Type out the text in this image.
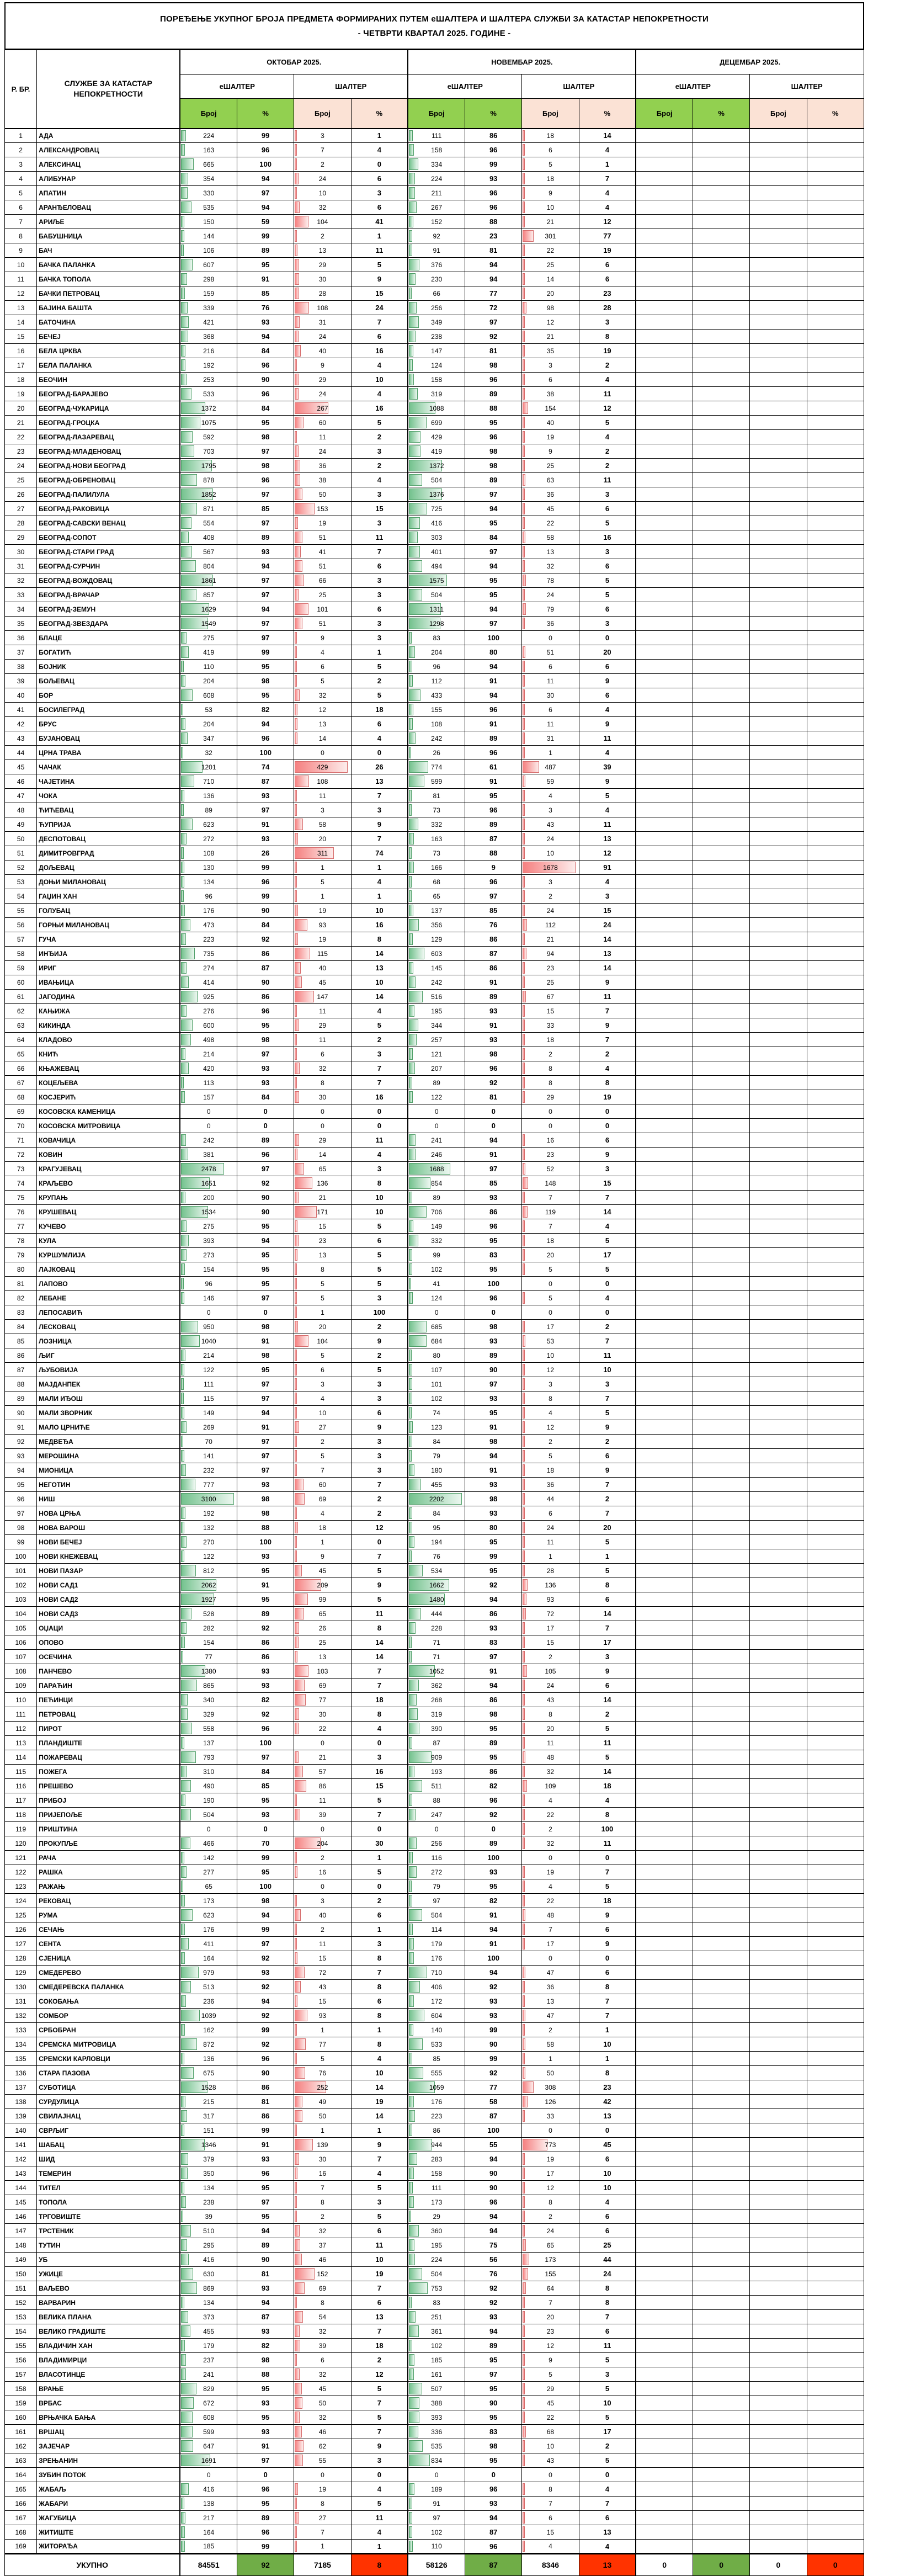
ПОРЕЂЕЊЕ УКУПНОГ БРОЈА ПРЕДМЕТА ФОРМИРАНИХ ПУТЕМ еШАЛТЕРА И ШАЛТЕРА СЛУЖБИ ЗА КАТАСТАР НЕПОКРЕТНОСТИ
- ЧЕТВРТИ КВАРТАЛ 2025. ГОДИНЕ -
Р. БР.	СЛУЖБЕ ЗА КАТАСТАР НЕПОКРЕТНОСТИ	ОКТОБАР 2025.				НОВЕМБАР 2025.				ДЕЦЕМБАР 2025.			
		еШАЛТЕР		ШАЛТЕР		еШАЛТЕР		ШАЛТЕР		еШАЛТЕР		ШАЛТЕР	
		Број	%	Број	%	Број	%	Број	%	Број	%	Број	%
1	АДА	224	99	3	1	111	86	18	14				
2	АЛЕКСАНДРОВАЦ	163	96	7	4	158	96	6	4				
3	АЛЕКСИНАЦ	665	100	2	0	334	99	5	1				
4	АЛИБУНАР	354	94	24	6	224	93	18	7				
5	АПАТИН	330	97	10	3	211	96	9	4				
6	АРАНЂЕЛОВАЦ	535	94	32	6	267	96	10	4				
7	АРИЉЕ	150	59	104	41	152	88	21	12				
8	БАБУШНИЦА	144	99	2	1	92	23	301	77				
9	БАЧ	106	89	13	11	91	81	22	19				
10	БАЧКА ПАЛАНКА	607	95	29	5	376	94	25	6				
11	БАЧКА ТОПОЛА	298	91	30	9	230	94	14	6				
12	БАЧКИ ПЕТРОВАЦ	159	85	28	15	66	77	20	23				
13	БАЈИНА БАШТА	339	76	108	24	256	72	98	28				
14	БАТОЧИНА	421	93	31	7	349	97	12	3				
15	БЕЧЕЈ	368	94	24	6	238	92	21	8				
16	БЕЛА ЦРКВА	216	84	40	16	147	81	35	19				
17	БЕЛА ПАЛАНКА	192	96	9	4	124	98	3	2				
18	БЕОЧИН	253	90	29	10	158	96	6	4				
19	БЕОГРАД-БАРАЈЕВО	533	96	24	4	319	89	38	11				
20	БЕОГРАД-ЧУКАРИЦА	1372	84	267	16	1088	88	154	12				
21	БЕОГРАД-ГРОЦКА	1075	95	60	5	699	95	40	5				
22	БЕОГРАД-ЛАЗАРЕВАЦ	592	98	11	2	429	96	19	4				
23	БЕОГРАД-МЛАДЕНОВАЦ	703	97	24	3	419	98	9	2				
24	БЕОГРАД-НОВИ БЕОГРАД	1795	98	36	2	1372	98	25	2				
25	БЕОГРАД-ОБРЕНОВАЦ	878	96	38	4	504	89	63	11				
26	БЕОГРАД-ПАЛИЛУЛА	1852	97	50	3	1376	97	36	3				
27	БЕОГРАД-РАКОВИЦА	871	85	153	15	725	94	45	6				
28	БЕОГРАД-САВСКИ ВЕНАЦ	554	97	19	3	416	95	22	5				
29	БЕОГРАД-СОПОТ	408	89	51	11	303	84	58	16				
30	БЕОГРАД-СТАРИ ГРАД	567	93	41	7	401	97	13	3				
31	БЕОГРАД-СУРЧИН	804	94	51	6	494	94	32	6				
32	БЕОГРАД-ВОЖДОВАЦ	1861	97	66	3	1575	95	78	5				
33	БЕОГРАД-ВРАЧАР	857	97	25	3	504	95	24	5				
34	БЕОГРАД-ЗЕМУН	1629	94	101	6	1311	94	79	6				
35	БЕОГРАД-ЗВЕЗДАРА	1549	97	51	3	1298	97	36	3				
36	БЛАЦЕ	275	97	9	3	83	100	0	0				
37	БОГАТИЋ	419	99	4	1	204	80	51	20				
38	БОЈНИК	110	95	6	5	96	94	6	6				
39	БОЉЕВАЦ	204	98	5	2	112	91	11	9				
40	БОР	608	95	32	5	433	94	30	6				
41	БОСИЛЕГРАД	53	82	12	18	155	96	6	4				
42	БРУС	204	94	13	6	108	91	11	9				
43	БУЈАНОВАЦ	347	96	14	4	242	89	31	11				
44	ЦРНА ТРАВА	32	100	0	0	26	96	1	4				
45	ЧАЧАК	1201	74	429	26	774	61	487	39				
46	ЧАЈЕТИНА	710	87	108	13	599	91	59	9				
47	ЧОКА	136	93	11	7	81	95	4	5				
48	ЋИЋЕВАЦ	89	97	3	3	73	96	3	4				
49	ЋУПРИЈА	623	91	58	9	332	89	43	11				
50	ДЕСПОТОВАЦ	272	93	20	7	163	87	24	13				
51	ДИМИТРОВГРАД	108	26	311	74	73	88	10	12				
52	ДОЉЕВАЦ	130	99	1	1	166	9	1678	91				
53	ДОЊИ МИЛАНОВАЦ	134	96	5	4	68	96	3	4				
54	ГАЏИН ХАН	96	99	1	1	65	97	2	3				
55	ГОЛУБАЦ	176	90	19	10	137	85	24	15				
56	ГОРЊИ МИЛАНОВАЦ	473	84	93	16	356	76	112	24				
57	ГУЧА	223	92	19	8	129	86	21	14				
58	ИНЂИЈА	735	86	115	14	603	87	94	13				
59	ИРИГ	274	87	40	13	145	86	23	14				
60	ИВАЊИЦА	414	90	45	10	242	91	25	9				
61	ЈАГОДИНА	925	86	147	14	516	89	67	11				
62	КАЊИЖА	276	96	11	4	195	93	15	7				
63	КИКИНДА	600	95	29	5	344	91	33	9				
64	КЛАДОВО	498	98	11	2	257	93	18	7				
65	КНИЋ	214	97	6	3	121	98	2	2				
66	КЊАЖЕВАЦ	420	93	32	7	207	96	8	4				
67	КОЦЕЉЕВА	113	93	8	7	89	92	8	8				
68	КОСЈЕРИЋ	157	84	30	16	122	81	29	19				
69	КОСОВСКА КАМЕНИЦА	0	0	0	0	0	0	0	0				
70	КОСОВСКА МИТРОВИЦА	0	0	0	0	0	0	0	0				
71	КОВАЧИЦА	242	89	29	11	241	94	16	6				
72	КОВИН	381	96	14	4	246	91	23	9				
73	КРАГУЈЕВАЦ	2478	97	65	3	1688	97	52	3				
74	КРАЉЕВО	1651	92	136	8	854	85	148	15				
75	КРУПАЊ	200	90	21	10	89	93	7	7				
76	КРУШЕВАЦ	1534	90	171	10	706	86	119	14				
77	КУЧЕВО	275	95	15	5	149	96	7	4				
78	КУЛА	393	94	23	6	332	95	18	5				
79	КУРШУМЛИЈА	273	95	13	5	99	83	20	17				
80	ЛАЈКОВАЦ	154	95	8	5	102	95	5	5				
81	ЛАПОВО	96	95	5	5	41	100	0	0				
82	ЛЕБАНЕ	146	97	5	3	124	96	5	4				
83	ЛЕПОСАВИЋ	0	0	1	100	0	0	0	0				
84	ЛЕСКОВАЦ	950	98	20	2	685	98	17	2				
85	ЛОЗНИЦА	1040	91	104	9	684	93	53	7				
86	ЉИГ	214	98	5	2	80	89	10	11				
87	ЉУБОВИЈА	122	95	6	5	107	90	12	10				
88	МАЈДАНПЕК	111	97	3	3	101	97	3	3				
89	МАЛИ ИЂОШ	115	97	4	3	102	93	8	7				
90	МАЛИ ЗВОРНИК	149	94	10	6	74	95	4	5				
91	МАЛО ЦРНИЋЕ	269	91	27	9	123	91	12	9				
92	МЕДВЕЂА	70	97	2	3	84	98	2	2				
93	МЕРОШИНА	141	97	5	3	79	94	5	6				
94	МИОНИЦА	232	97	7	3	180	91	18	9				
95	НЕГОТИН	777	93	60	7	455	93	36	7				
96	НИШ	3100	98	69	2	2202	98	44	2				
97	НОВА ЦРЊА	192	98	4	2	84	93	6	7				
98	НОВА ВАРОШ	132	88	18	12	95	80	24	20				
99	НОВИ БЕЧЕЈ	270	100	1	0	194	95	11	5				
100	НОВИ КНЕЖЕВАЦ	122	93	9	7	76	99	1	1				
101	НОВИ ПАЗАР	812	95	45	5	534	95	28	5				
102	НОВИ САД1	2062	91	209	9	1662	92	136	8				
103	НОВИ САД2	1927	95	99	5	1480	94	93	6				
104	НОВИ САД3	528	89	65	11	444	86	72	14				
105	ОЏАЦИ	282	92	26	8	228	93	17	7				
106	ОПОВО	154	86	25	14	71	83	15	17				
107	ОСЕЧИНА	77	86	13	14	71	97	2	3				
108	ПАНЧЕВО	1380	93	103	7	1052	91	105	9				
109	ПАРАЋИН	865	93	69	7	362	94	24	6				
110	ПЕЋИНЦИ	340	82	77	18	268	86	43	14				
111	ПЕТРОВАЦ	329	92	30	8	319	98	8	2				
112	ПИРОТ	558	96	22	4	390	95	20	5				
113	ПЛАНДИШТЕ	137	100	0	0	87	89	11	11				
114	ПОЖАРЕВАЦ	793	97	21	3	909	95	48	5				
115	ПОЖЕГА	310	84	57	16	193	86	32	14				
116	ПРЕШЕВО	490	85	86	15	511	82	109	18				
117	ПРИБОЈ	190	95	11	5	88	96	4	4				
118	ПРИЈЕПОЉЕ	504	93	39	7	247	92	22	8				
119	ПРИШТИНА	0	0	0	0	0	0	2	100				
120	ПРОКУПЉЕ	466	70	204	30	256	89	32	11				
121	РАЧА	142	99	2	1	116	100	0	0				
122	РАШКА	277	95	16	5	272	93	19	7				
123	РАЖАЊ	65	100	0	0	79	95	4	5				
124	РЕКОВАЦ	173	98	3	2	97	82	22	18				
125	РУМА	623	94	40	6	504	91	48	9				
126	СЕЧАЊ	176	99	2	1	114	94	7	6				
127	СЕНТА	411	97	11	3	179	91	17	9				
128	СЈЕНИЦА	164	92	15	8	176	100	0	0				
129	СМЕДЕРЕВО	979	93	72	7	710	94	47	6				
130	СМЕДЕРЕВСКА ПАЛАНКА	513	92	43	8	406	92	36	8				
131	СОКОБАЊА	236	94	15	6	172	93	13	7				
132	СОМБОР	1039	92	93	8	604	93	47	7				
133	СРБОБРАН	162	99	1	1	140	99	2	1				
134	СРЕМСКА МИТРОВИЦА	872	92	77	8	533	90	58	10				
135	СРЕМСКИ КАРЛОВЦИ	136	96	5	4	85	99	1	1				
136	СТАРА ПАЗОВА	675	90	76	10	555	92	50	8				
137	СУБОТИЦА	1528	86	252	14	1059	77	308	23				
138	СУРДУЛИЦА	215	81	49	19	176	58	126	42				
139	СВИЛАЈНАЦ	317	86	50	14	223	87	33	13				
140	СВРЉИГ	151	99	1	1	86	100	0	0				
141	ШАБАЦ	1346	91	139	9	944	55	773	45				
142	ШИД	379	93	30	7	283	94	19	6				
143	ТЕМЕРИН	350	96	16	4	158	90	17	10				
144	ТИТЕЛ	134	95	7	5	111	90	12	10				
145	ТОПОЛА	238	97	8	3	173	96	8	4				
146	ТРГОВИШТЕ	39	95	2	5	29	94	2	6				
147	ТРСТЕНИК	510	94	32	6	360	94	24	6				
148	ТУТИН	295	89	37	11	195	75	65	25				
149	УБ	416	90	46	10	224	56	173	44				
150	УЖИЦЕ	630	81	152	19	504	76	155	24				
151	ВАЉЕВО	869	93	69	7	753	92	64	8				
152	ВАРВАРИН	134	94	8	6	83	92	7	8				
153	ВЕЛИКА ПЛАНА	373	87	54	13	251	93	20	7				
154	ВЕЛИКО ГРАДИШТЕ	455	93	32	7	361	94	23	6				
155	ВЛАДИЧИН ХАН	179	82	39	18	102	89	12	11				
156	ВЛАДИМИРЦИ	237	98	6	2	185	95	9	5				
157	ВЛАСОТИНЦЕ	241	88	32	12	161	97	5	3				
158	ВРАЊЕ	829	95	45	5	507	95	29	5				
159	ВРБАС	672	93	50	7	388	90	45	10				
160	ВРЊАЧКА БАЊА	608	95	32	5	393	95	22	5				
161	ВРШАЦ	599	93	46	7	336	83	68	17				
162	ЗАЈЕЧАР	647	91	62	9	535	98	10	2				
163	ЗРЕЊАНИН	1691	97	55	3	834	95	43	5				
164	ЗУБИН ПОТОК	0	0	0	0	0	0	0	0				
165	ЖАБАЉ	416	96	19	4	189	96	8	4				
166	ЖАБАРИ	138	95	8	5	91	93	7	7				
167	ЖАГУБИЦА	217	89	27	11	97	94	6	6				
168	ЖИТИШТЕ	164	96	7	4	102	87	15	13				
169	ЖИТОРАЂА	185	99	1	1	110	96	4	4				
УКУПНО		84551	92	7185	8	58126	87	8346	13	0	0	0	0
